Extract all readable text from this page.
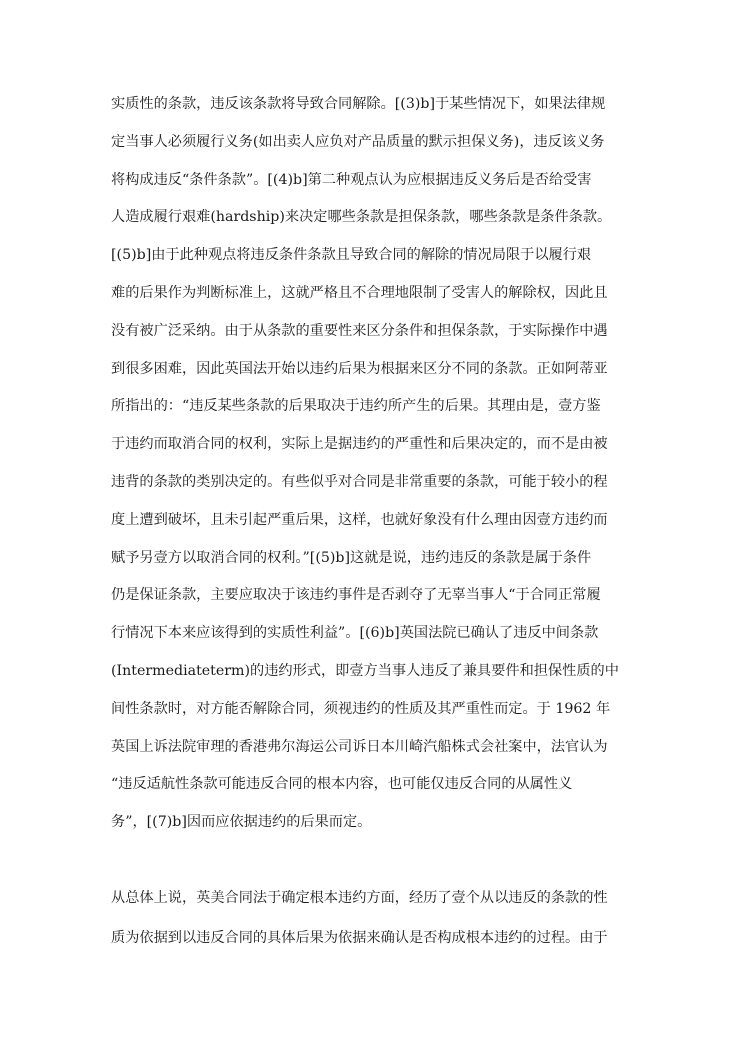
实质性的条款，违反该条款将导致合同解除。[(3)b]于某些情况下，如果法律规
定当事人必须履行义务(如出卖人应负对产品质量的默示担保义务)，违反该义务
将构成违反“条件条款”。[(4)b]第二种观点认为应根据违反义务后是否给受害
人造成履行艰难(hardship)来决定哪些条款是担保条款，哪些条款是条件条款。
[(5)b]由于此种观点将违反条件条款且导致合同的解除的情况局限于以履行艰
难的后果作为判断标准上，这就严格且不合理地限制了受害人的解除权，因此且
没有被广泛采纳。由于从条款的重要性来区分条件和担保条款，于实际操作中遇
到很多困难，因此英国法开始以违约后果为根据来区分不同的条款。正如阿蒂亚
所指出的：“违反某些条款的后果取决于违约所产生的后果。其理由是，壹方鉴
于违约而取消合同的权利，实际上是据违约的严重性和后果决定的，而不是由被
违背的条款的类别决定的。有些似乎对合同是非常重要的条款，可能于较小的程
度上遭到破坏，且未引起严重后果，这样，也就好象没有什么理由因壹方违约而
赋予另壹方以取消合同的权利。”[(5)b]这就是说，违约违反的条款是属于条件
仍是保证条款，主要应取决于该违约事件是否剥夺了无辜当事人“于合同正常履
行情况下本来应该得到的实质性利益”。[(6)b]英国法院已确认了违反中间条款
(Intermediateterm)的违约形式，即壹方当事人违反了兼具要件和担保性质的中
间性条款时，对方能否解除合同，须视违约的性质及其严重性而定。于 1962 年
英国上诉法院审理的香港弗尔海运公司诉日本川崎汽船株式会社案中，法官认为
“违反适航性条款可能违反合同的根本内容，也可能仅违反合同的从属性义
务”，[(7)b]因而应依据违约的后果而定。
从总体上说，英美合同法于确定根本违约方面，经历了壹个从以违反的条款的性
质为依据到以违反合同的具体后果为依据来确认是否构成根本违约的过程。由于
